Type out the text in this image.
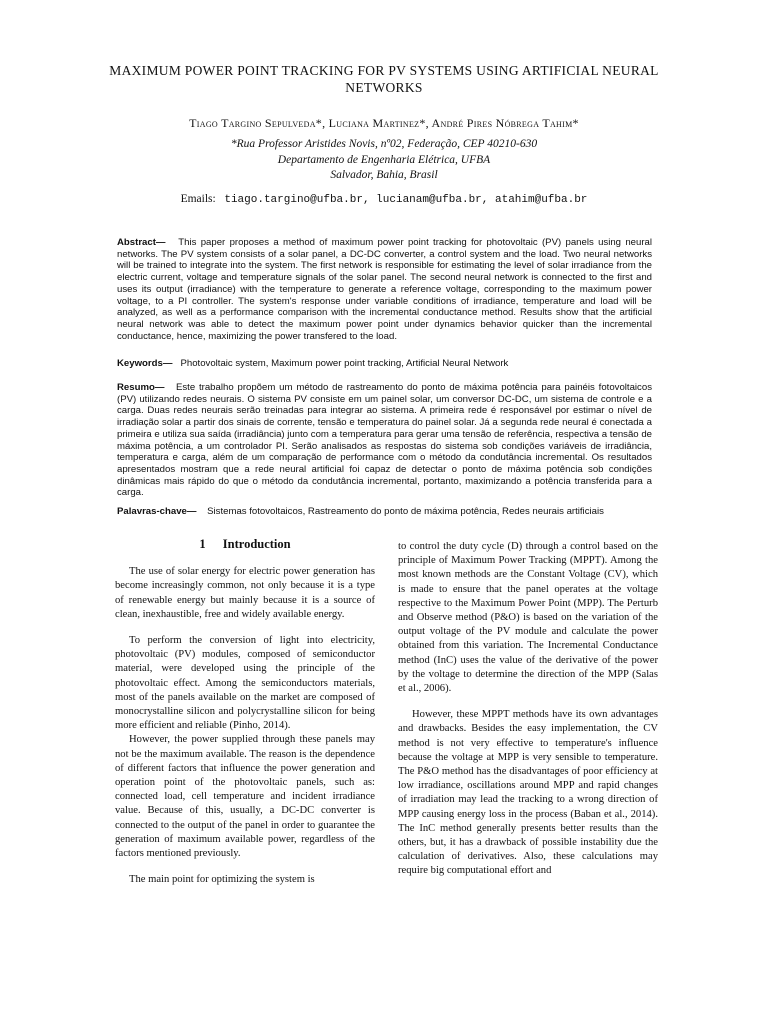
MAXIMUM POWER POINT TRACKING FOR PV SYSTEMS USING ARTIFICIAL NEURAL NETWORKS
Tiago Targino Sepulveda*, Luciana Martinez*, André Pires Nóbrega Tahim*
*Rua Professor Aristides Novis, nº02, Federação, CEP 40210-630
Departamento de Engenharia Elétrica, UFBA
Salvador, Bahia, Brasil
Emails: tiago.targino@ufba.br, lucianam@ufba.br, atahim@ufba.br
Abstract— This paper proposes a method of maximum power point tracking for photovoltaic (PV) panels using neural networks. The PV system consists of a solar panel, a DC-DC converter, a control system and the load. Two neural networks will be trained to integrate into the system. The first network is responsible for estimating the level of solar irradiance from the electric current, voltage and temperature signals of the solar panel. The second neural network is connected to the first and uses its output (irradiance) with the temperature to generate a reference voltage, corresponding to the maximum power voltage, to a PI controller. The system's response under variable conditions of irradiance, temperature and load will be analyzed, as well as a performance comparison with the incremental conductance method. Results show that the artificial neural network was able to detect the maximum power point under dynamics behavior quicker than the incremental conductance, hence, maximizing the power transfered to the load.
Keywords— Photovoltaic system, Maximum power point tracking, Artificial Neural Network
Resumo— Este trabalho propõem um método de rastreamento do ponto de máxima potência para painéis fotovoltaicos (PV) utilizando redes neurais. O sistema PV consiste em um painel solar, um conversor DC-DC, um sistema de controle e a carga. Duas redes neurais serão treinadas para integrar ao sistema. A primeira rede é responsável por estimar o nível de irradiação solar a partir dos sinais de corrente, tensão e temperatura do painel solar. Já a segunda rede neural é conectada a primeira e utiliza sua saída (irradiância) junto com a temperatura para gerar uma tensão de referência, respectiva a tensão de máxima potência, a um controlador PI. Serão analisados as respostas do sistema sob condições variáveis de irradiância, temperatura e carga, além de um comparação de performance com o método da condutância incremental. Os resultados apresentados mostram que a rede neural artificial foi capaz de detectar o ponto de máxima potência sob condições dinâmicas mais rápido do que o método da condutância incremental, portanto, maximizando a potência transferida para a carga.
Palavras-chave— Sistemas fotovoltaicos, Rastreamento do ponto de máxima potência, Redes neurais artificiais
1 Introduction

The use of solar energy for electric power generation has become increasingly common, not only because it is a type of renewable energy but mainly because it is a source of clean, inexhaustible, free and widely available energy.

To perform the conversion of light into electricity, photovoltaic (PV) modules, composed of semiconductor material, were developed using the principle of the photovoltaic effect. Among the semiconductors materials, most of the panels available on the market are composed of monocrystalline silicon and polycrystalline silicon for being more efficient and reliable (Pinho, 2014).

However, the power supplied through these panels may not be the maximum available. The reason is the dependence of different factors that influence the power generation and operation point of the photovoltaic panels, such as: connected load, cell temperature and incident irradiance value. Because of this, usually, a DC-DC converter is connected to the output of the panel in order to guarantee the generation of maximum available power, regardless of the factors mentioned previously.

The main point for optimizing the system is

to control the duty cycle (D) through a control based on the principle of Maximum Power Tracking (MPPT). Among the most known methods are the Constant Voltage (CV), which is made to ensure that the panel operates at the voltage respective to the Maximum Power Point (MPP). The Perturb and Observe method (P&O) is based on the variation of the output voltage of the PV module and calculate the power obtained from this variation. The Incremental Conductance method (InC) uses the value of the derivative of the power by the voltage to determine the direction of the MPP (Salas et al., 2006).

However, these MPPT methods have its own advantages and drawbacks. Besides the easy implementation, the CV method is not very effective to temperature's influence because the voltage at MPP is very sensible to temperature. The P&O method has the disadvantages of poor efficiency at low irradiance, oscillations around MPP and rapid changes of irradiation may lead the tracking to a wrong direction of MPP causing energy loss in the process (Baban et al., 2014). The InC method generally presents better results than the others, but, it has a drawback of possible instability due the calculation of derivatives. Also, these calculations may require big computational effort and
